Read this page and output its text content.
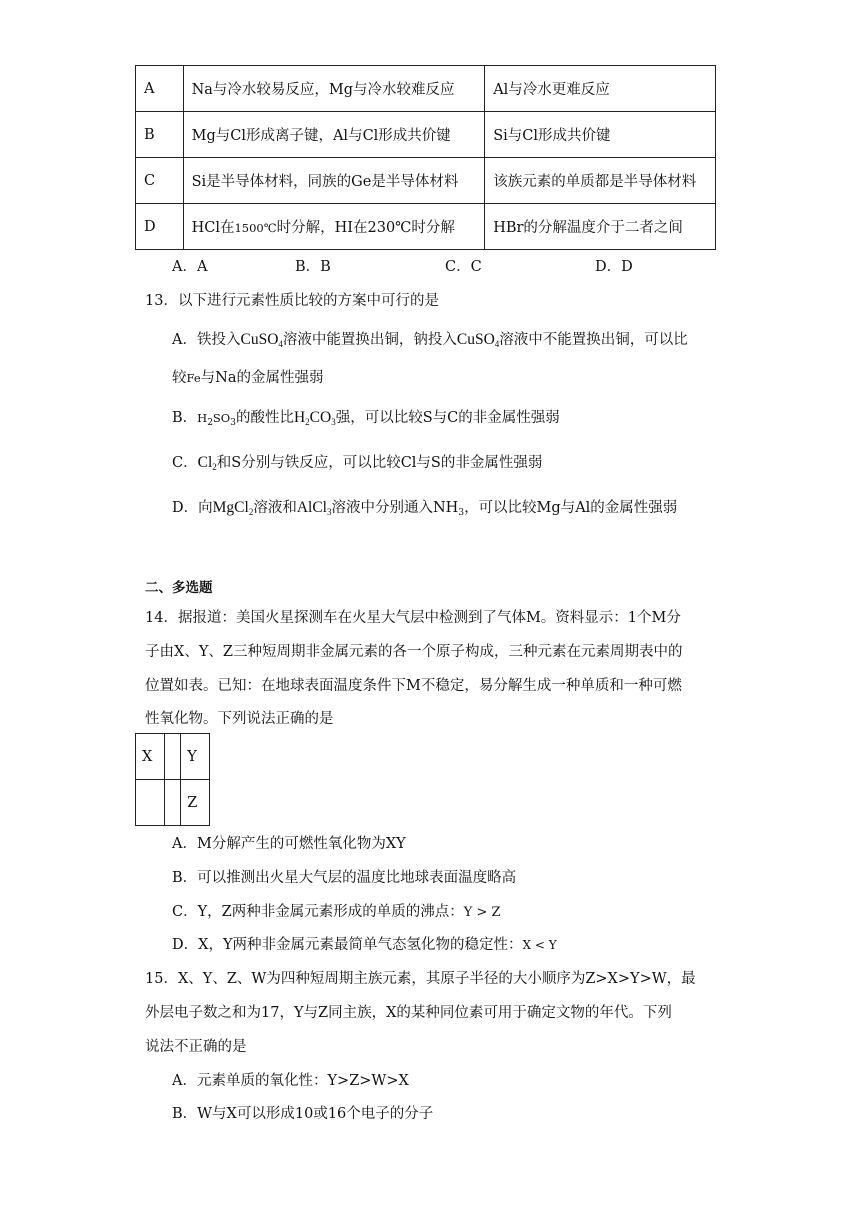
A	Na与冷水较易反应，Mg与冷水较难反应	Al与冷水更难反应
B	Mg与Cl形成离子键，Al与Cl形成共价键	Si与Cl形成共价键
C	Si是半导体材料，同族的Ge是半导体材料	该族元素的单质都是半导体材料
D	HCl在1500℃时分解，HI在230℃时分解	HBr的分解温度介于二者之间
A．A	B．B	C．C	D．D
13．以下进行元素性质比较的方案中可行的是
A．铁投入CuSO$_4$溶液中能置换出铜，钠投入CuSO$_4$溶液中不能置换出铜，可以比
较Fe与Na的金属性强弱
B．$H_2SO_3$的酸性比$H_2CO_3$强，可以比较S与C的非金属性强弱
C．$Cl_2$和S分别与铁反应，可以比较Cl与S的非金属性强弱
D．向MgCl$_2$溶液和AlCl$_3$溶液中分别通入$NH_3$，可以比较Mg与Al的金属性强弱
二、多选题
14．据报道：美国火星探测车在火星大气层中检测到了气体M。资料显示：1个M分
子由X、Y、Z三种短周期非金属元素的各一个原子构成，三种元素在元素周期表中的
位置如表。已知：在地球表面温度条件下M不稳定，易分解生成一种单质和一种可燃
性氧化物。下列说法正确的是
X		Y
		Z
A．M分解产生的可燃性氧化物为XY
B．可以推测出火星大气层的温度比地球表面温度略高
C．Y，Z两种非金属元素形成的单质的沸点：Y > Z
D．X，Y两种非金属元素最简单气态氢化物的稳定性：X < Y
15．X、Y、Z、W为四种短周期主族元素，其原子半径的大小顺序为Z>X>Y>W，最
外层电子数之和为17，Y与Z同主族，X的某种同位素可用于确定文物的年代。下列
说法不正确的是
A．元素单质的氧化性：Y>Z>W>X
B．W与X可以形成10或16个电子的分子
